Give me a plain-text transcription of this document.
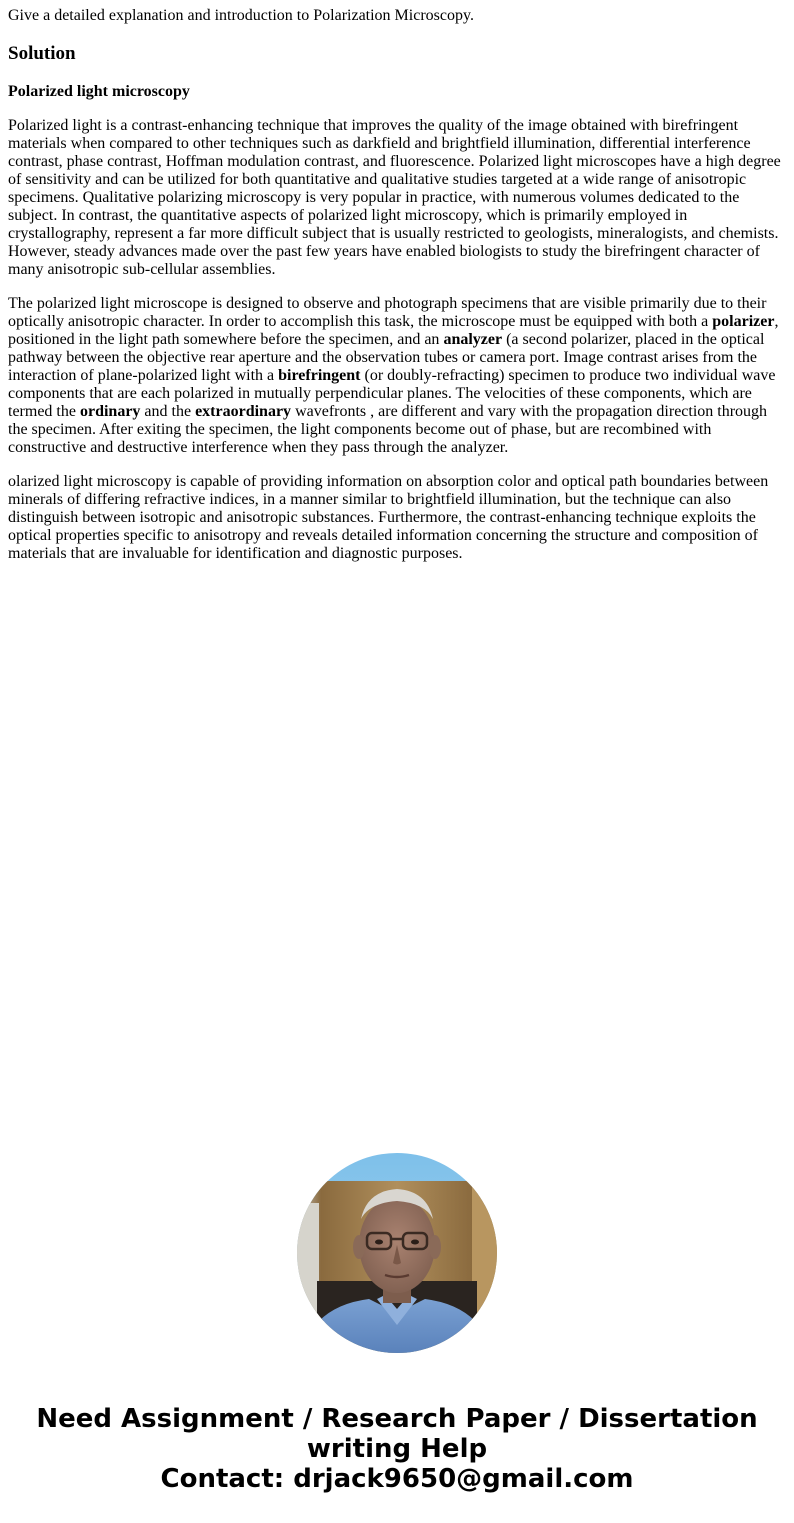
Give a detailed explanation and introduction to Polarization Microscopy.
Solution
Polarized light microscopy

Polarized light is a contrast-enhancing technique that improves the quality of the image obtained with birefringent materials when compared to other techniques such as darkfield and brightfield illumination, differential interference contrast, phase contrast, Hoffman modulation contrast, and fluorescence. Polarized light microscopes have a high degree of sensitivity and can be utilized for both quantitative and qualitative studies targeted at a wide range of anisotropic specimens. Qualitative polarizing microscopy is very popular in practice, with numerous volumes dedicated to the subject. In contrast, the quantitative aspects of polarized light microscopy, which is primarily employed in crystallography, represent a far more difficult subject that is usually restricted to geologists, mineralogists, and chemists. However, steady advances made over the past few years have enabled biologists to study the birefringent character of many anisotropic sub-cellular assemblies.

The polarized light microscope is designed to observe and photograph specimens that are visible primarily due to their optically anisotropic character. In order to accomplish this task, the microscope must be equipped with both a polarizer, positioned in the light path somewhere before the specimen, and an analyzer (a second polarizer, placed in the optical pathway between the objective rear aperture and the observation tubes or camera port. Image contrast arises from the interaction of plane-polarized light with a birefringent (or doubly-refracting) specimen to produce two individual wave components that are each polarized in mutually perpendicular planes. The velocities of these components, which are termed the ordinary and the extraordinary wavefronts , are different and vary with the propagation direction through the specimen. After exiting the specimen, the light components become out of phase, but are recombined with constructive and destructive interference when they pass through the analyzer.

olarized light microscopy is capable of providing information on absorption color and optical path boundaries between minerals of differing refractive indices, in a manner similar to brightfield illumination, but the technique can also distinguish between isotropic and anisotropic substances. Furthermore, the contrast-enhancing technique exploits the optical properties specific to anisotropy and reveals detailed information concerning the structure and composition of materials that are invaluable for identification and diagnostic purposes.

Need Assignment / Research Paper / Dissertation
writing Help
Contact: drjack9650@gmail.com
